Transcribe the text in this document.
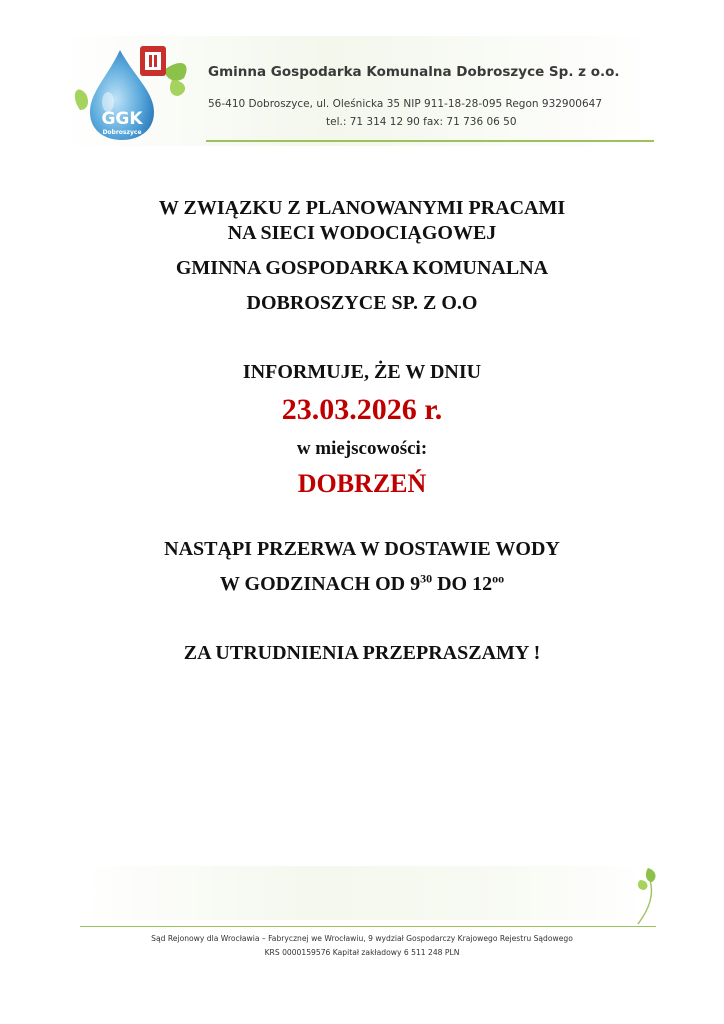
GGK
Dobroszyce
Gminna Gospodarka Komunalna Dobroszyce Sp. z o.o.
56-410 Dobroszyce, ul. Oleśnicka 35 NIP 911-18-28-095 Regon 932900647
tel.: 71 314 12 90 fax: 71 736 06 50
W ZWIĄZKU Z PLANOWANYMI PRACAMI
NA SIECI WODOCIĄGOWEJ
GMINNA GOSPODARKA KOMUNALNA
DOBROSZYCE SP. Z O.O
INFORMUJE, ŻE W DNIU
23.03.2026 r.
w miejscowości:
DOBRZEŃ
NASTĄPI PRZERWA W DOSTAWIE WODY
W GODZINACH OD $9^{30}$ DO $12^{oo}$
ZA UTRUDNIENIA PRZEPRASZAMY !
Sąd Rejonowy dla Wrocławia – Fabrycznej we Wrocławiu, 9 wydział Gospodarczy Krajowego Rejestru Sądowego
KRS 0000159576 Kapitał zakładowy 6 511 248 PLN
